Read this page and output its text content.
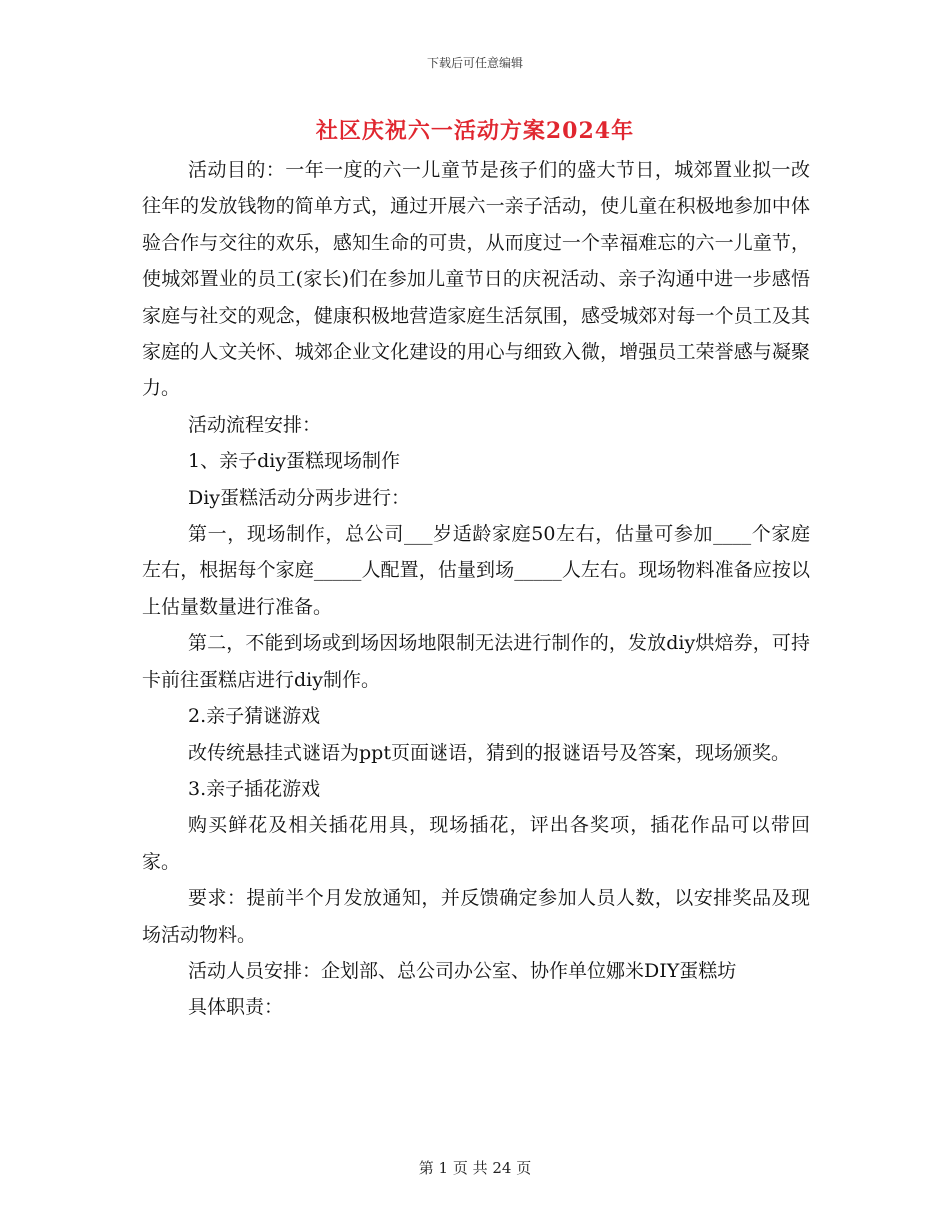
下载后可任意编辑
社区庆祝六一活动方案2024年

活动目的：一年一度的六一儿童节是孩子们的盛大节日，城郊置业拟一改往年的发放钱物的简单方式，通过开展六一亲子活动，使儿童在积极地参加中体验合作与交往的欢乐，感知生命的可贵，从而度过一个幸福难忘的六一儿童节，使城郊置业的员工(家长)们在参加儿童节日的庆祝活动、亲子沟通中进一步感悟家庭与社交的观念，健康积极地营造家庭生活氛围，感受城郊对每一个员工及其家庭的人文关怀、城郊企业文化建设的用心与细致入微，增强员工荣誉感与凝聚力。

活动流程安排：

1、亲子diy蛋糕现场制作

Diy蛋糕活动分两步进行：

第一，现场制作，总公司___岁适龄家庭50左右，估量可参加____个家庭左右，根据每个家庭_____人配置，估量到场_____人左右。现场物料准备应按以上估量数量进行准备。

第二，不能到场或到场因场地限制无法进行制作的，发放diy烘焙券，可持卡前往蛋糕店进行diy制作。

2.亲子猜谜游戏

改传统悬挂式谜语为ppt页面谜语，猜到的报谜语号及答案，现场颁奖。

3.亲子插花游戏

购买鲜花及相关插花用具，现场插花，评出各奖项，插花作品可以带回家。

要求：提前半个月发放通知，并反馈确定参加人员人数，以安排奖品及现场活动物料。

活动人员安排：企划部、总公司办公室、协作单位娜米DIY蛋糕坊

具体职责：

第 1 页 共 24 页
